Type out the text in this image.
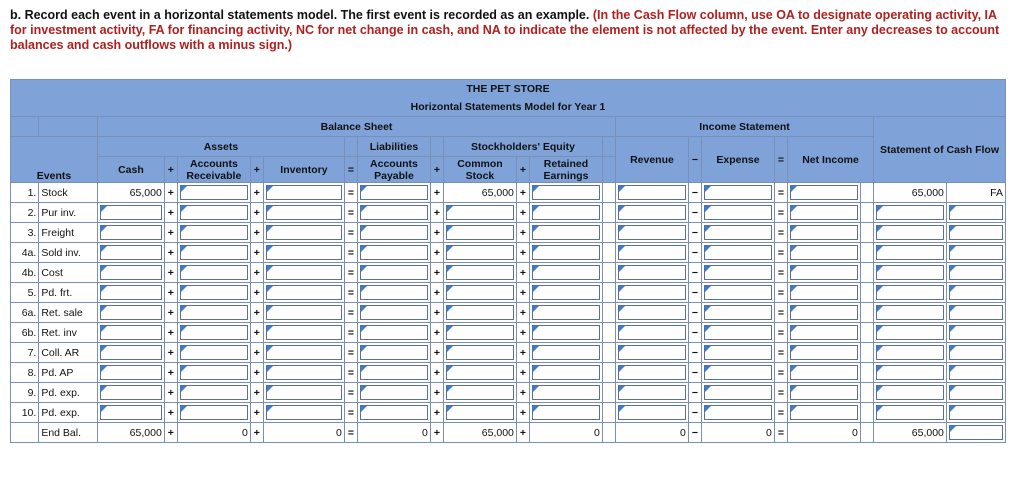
b. Record each event in a horizontal statements model. The first event is recorded as an example. (In the Cash Flow column, use OA to designate operating activity, IA for investment activity, FA for financing activity, NC for net change in cash, and NA to indicate the element is not affected by the event. Enter any decreases to account balances and cash outflows with a minus sign.)
THE PET STORE																					
Horizontal Statements Model for Year 1																					
		Balance Sheet												Income Statement						Statement of Cash Flow	
Events		Assets						Liabilities		Stockholders' Equity				Revenue	−	Expense	=	Net Income			
		Cash	+	Accounts Receivable	+	Inventory	=	Accounts Payable	+	Common Stock	+	Retained Earnings									
1.	Stock	65,000	+		+		=		+	65,000	+				−		=			65,000	FA
2.	Pur inv.		+		+		=		+		+				−		=	

3.	Freight		+		+		=		+		+				−		=	

4a.	Sold inv.		+		+		=		+		+				−		=	

4b.	Cost		+		+		=		+		+				−		=	

5.	Pd. frt.		+		+		=		+		+				−		=	

6a.	Ret. sale		+		+		=		+		+				−		=	

6b.	Ret. inv		+		+		=		+		+				−		=	

7.	Coll. AR		+		+		=		+		+				−		=	

8.	Pd. AP		+		+		=		+		+				−		=	

9.	Pd. exp.		+		+		=		+		+				−		=	

10.	Pd. exp.		+		+		=		+		+				−		=	

	End Bal.	65,000	+	0	+	0	=	0	+	65,000	+	0		0	−	0	=	0		65,000	
